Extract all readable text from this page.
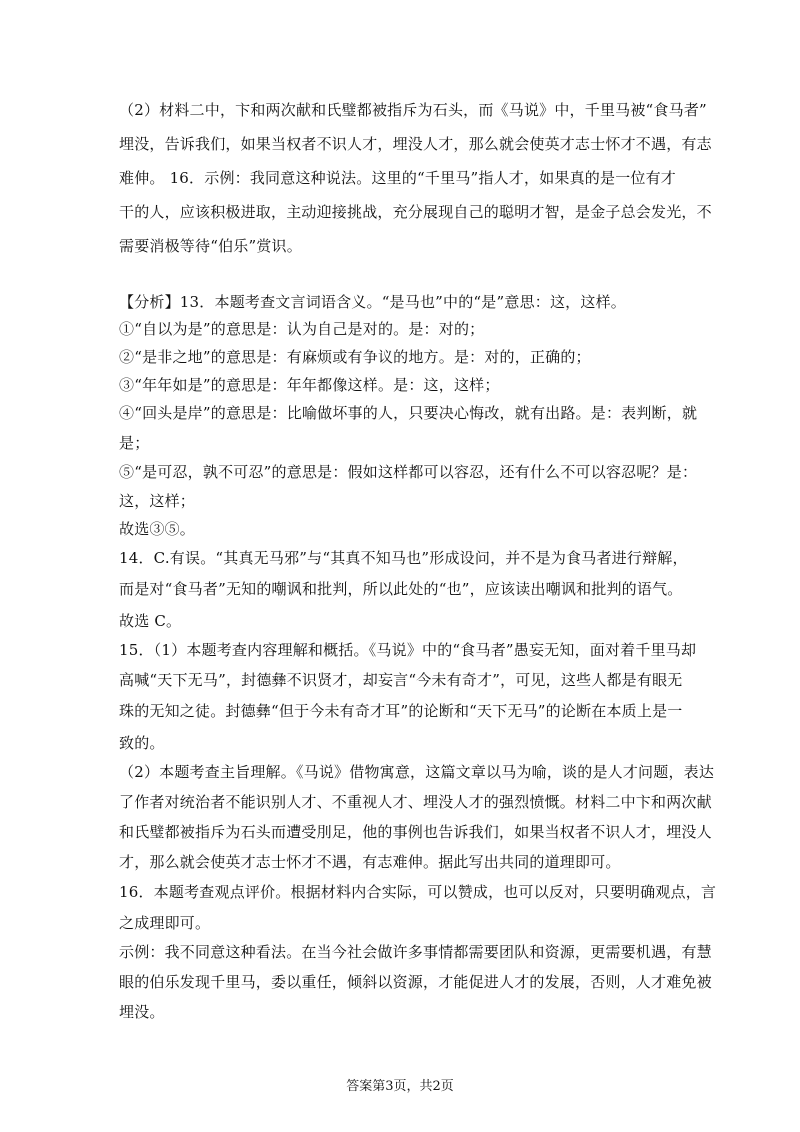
（2）材料二中，卞和两次献和氏璧都被指斥为石头，而《马说》中，千里马被“食马者”
埋没，告诉我们，如果当权者不识人才，埋没人才，那么就会使英才志士怀才不遇，有志
难伸。 16．示例：我同意这种说法。这里的“千里马”指人才，如果真的是一位有才
干的人，应该积极进取，主动迎接挑战，充分展现自己的聪明才智，是金子总会发光，不
需要消极等待“伯乐”赏识。
【分析】13．本题考查文言词语含义。“是马也”中的“是”意思：这，这样。
①“自以为是”的意思是：认为自己是对的。是：对的；
②“是非之地”的意思是：有麻烦或有争议的地方。是：对的，正确的；
③“年年如是”的意思是：年年都像这样。是：这，这样；
④“回头是岸”的意思是：比喻做坏事的人，只要决心悔改，就有出路。是：表判断，就
是；
⑤“是可忍，孰不可忍”的意思是：假如这样都可以容忍，还有什么不可以容忍呢？是：
这，这样；
故选③⑤。
14．C.有误。“其真无马邪”与“其真不知马也”形成设问，并不是为食马者进行辩解，
而是对“食马者”无知的嘲讽和批判，所以此处的“也”，应该读出嘲讽和批判的语气。
故选 C。
15．（1）本题考查内容理解和概括。《马说》中的“食马者”愚妄无知，面对着千里马却
高喊“天下无马”，封德彝不识贤才，却妄言“今未有奇才”，可见，这些人都是有眼无
珠的无知之徒。封德彝“但于今未有奇才耳”的论断和“天下无马”的论断在本质上是一
致的。
（2）本题考查主旨理解。《马说》借物寓意，这篇文章以马为喻，谈的是人才问题，表达
了作者对统治者不能识别人才、不重视人才、埋没人才的强烈愤慨。材料二中卞和两次献
和氏璧都被指斥为石头而遭受刖足，他的事例也告诉我们，如果当权者不识人才，埋没人
才，那么就会使英才志士怀才不遇，有志难伸。据此写出共同的道理即可。
16．本题考查观点评价。根据材料内合实际，可以赞成，也可以反对，只要明确观点，言
之成理即可。
示例：我不同意这种看法。在当今社会做许多事情都需要团队和资源，更需要机遇，有慧
眼的伯乐发现千里马，委以重任，倾斜以资源，才能促进人才的发展，否则，人才难免被
埋没。
答案第3页，共2页
